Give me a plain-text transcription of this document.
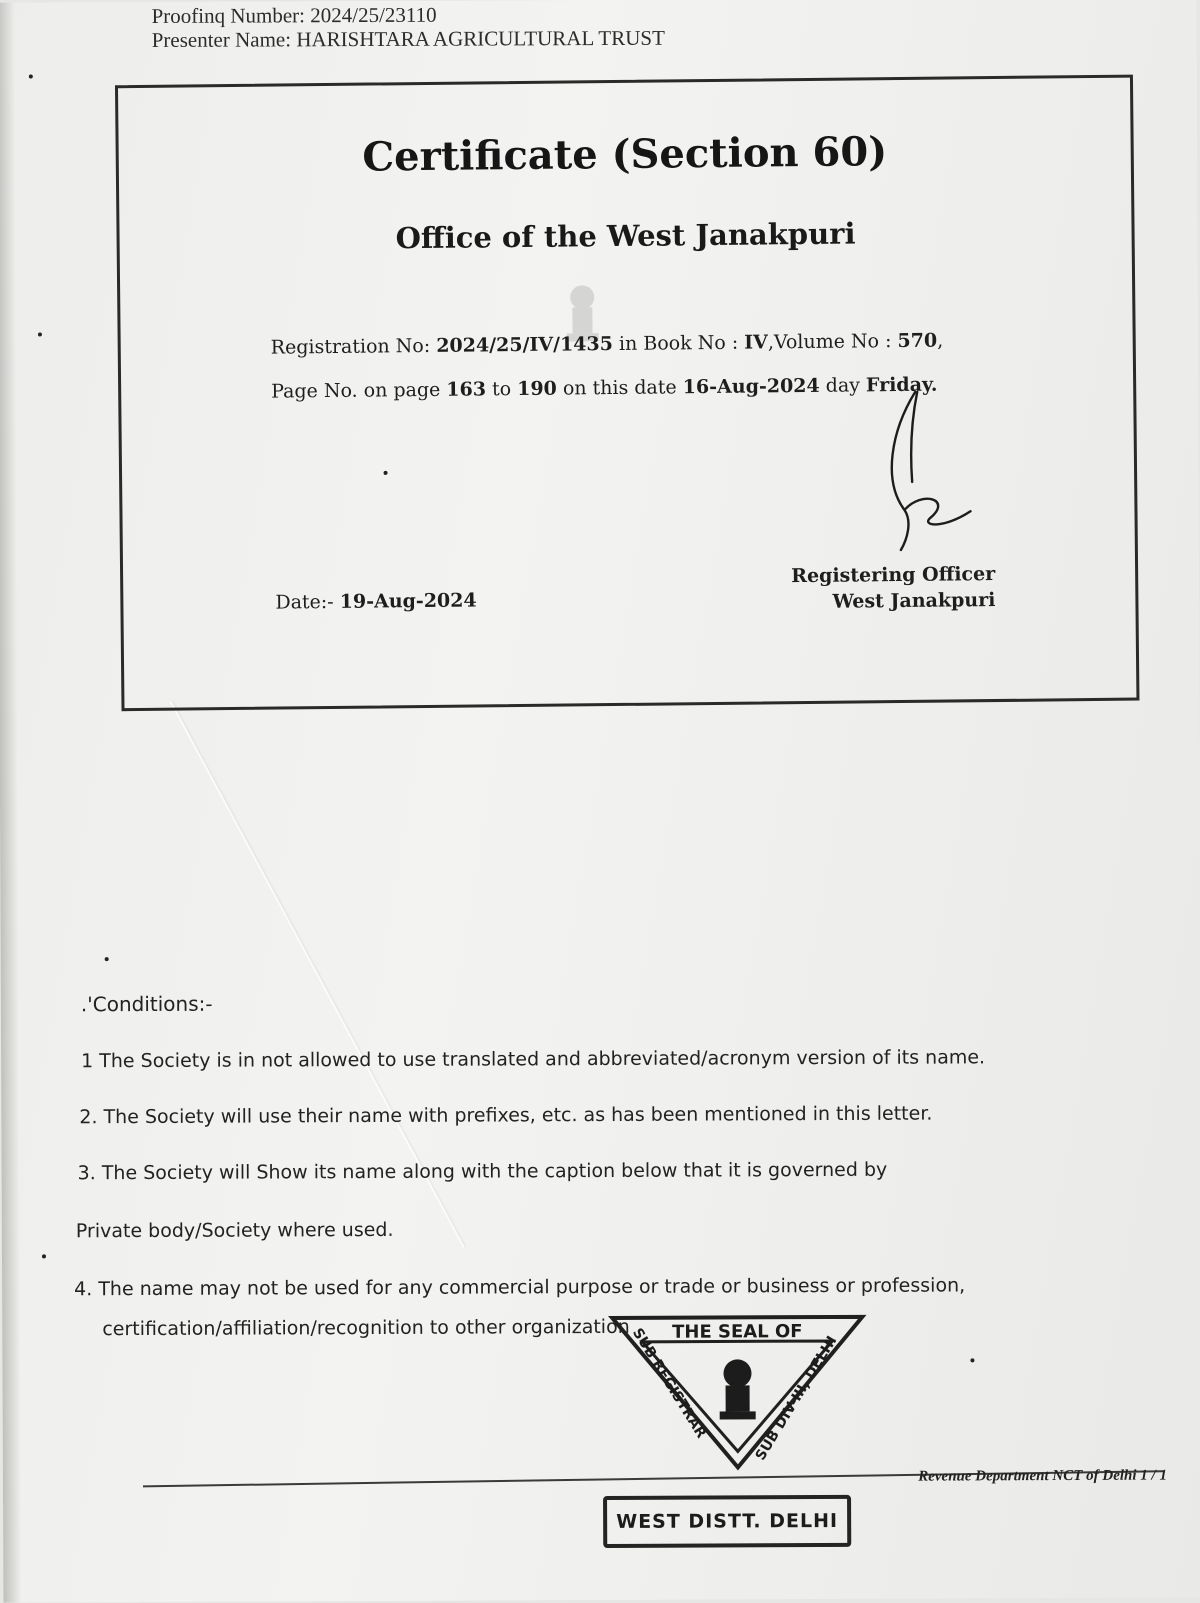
Proofinq Number: 2024/25/23110
Presenter Name: HARISHTARA AGRICULTURAL TRUST
Certificate (Section 60)
Office of the West Janakpuri
Registration No: 2024/25/IV/1435 in Book No : IV,Volume No : 570,
Page No. on page 163 to 190 on this date 16-Aug-2024 day Friday.
Date:- 19-Aug-2024
Registering Officer
West Janakpuri
.'Conditions:-
1 The Society is in not allowed to use translated and abbreviated/acronym version of its name.
2. The Society will use their name with prefixes, etc. as has been mentioned in this letter.
3. The Society will Show its name along with the caption below that it is governed by
Private body/Society where used.
4. The name may not be used for any commercial purpose or trade or business or profession,
certification/affiliation/recognition to other organization THE SEAL OF
SUB REGISTRAR
SUB DIV-III, DELHI
WEST DISTT. DELHI
Revenue Department NCT of Delhi 1 / 1
